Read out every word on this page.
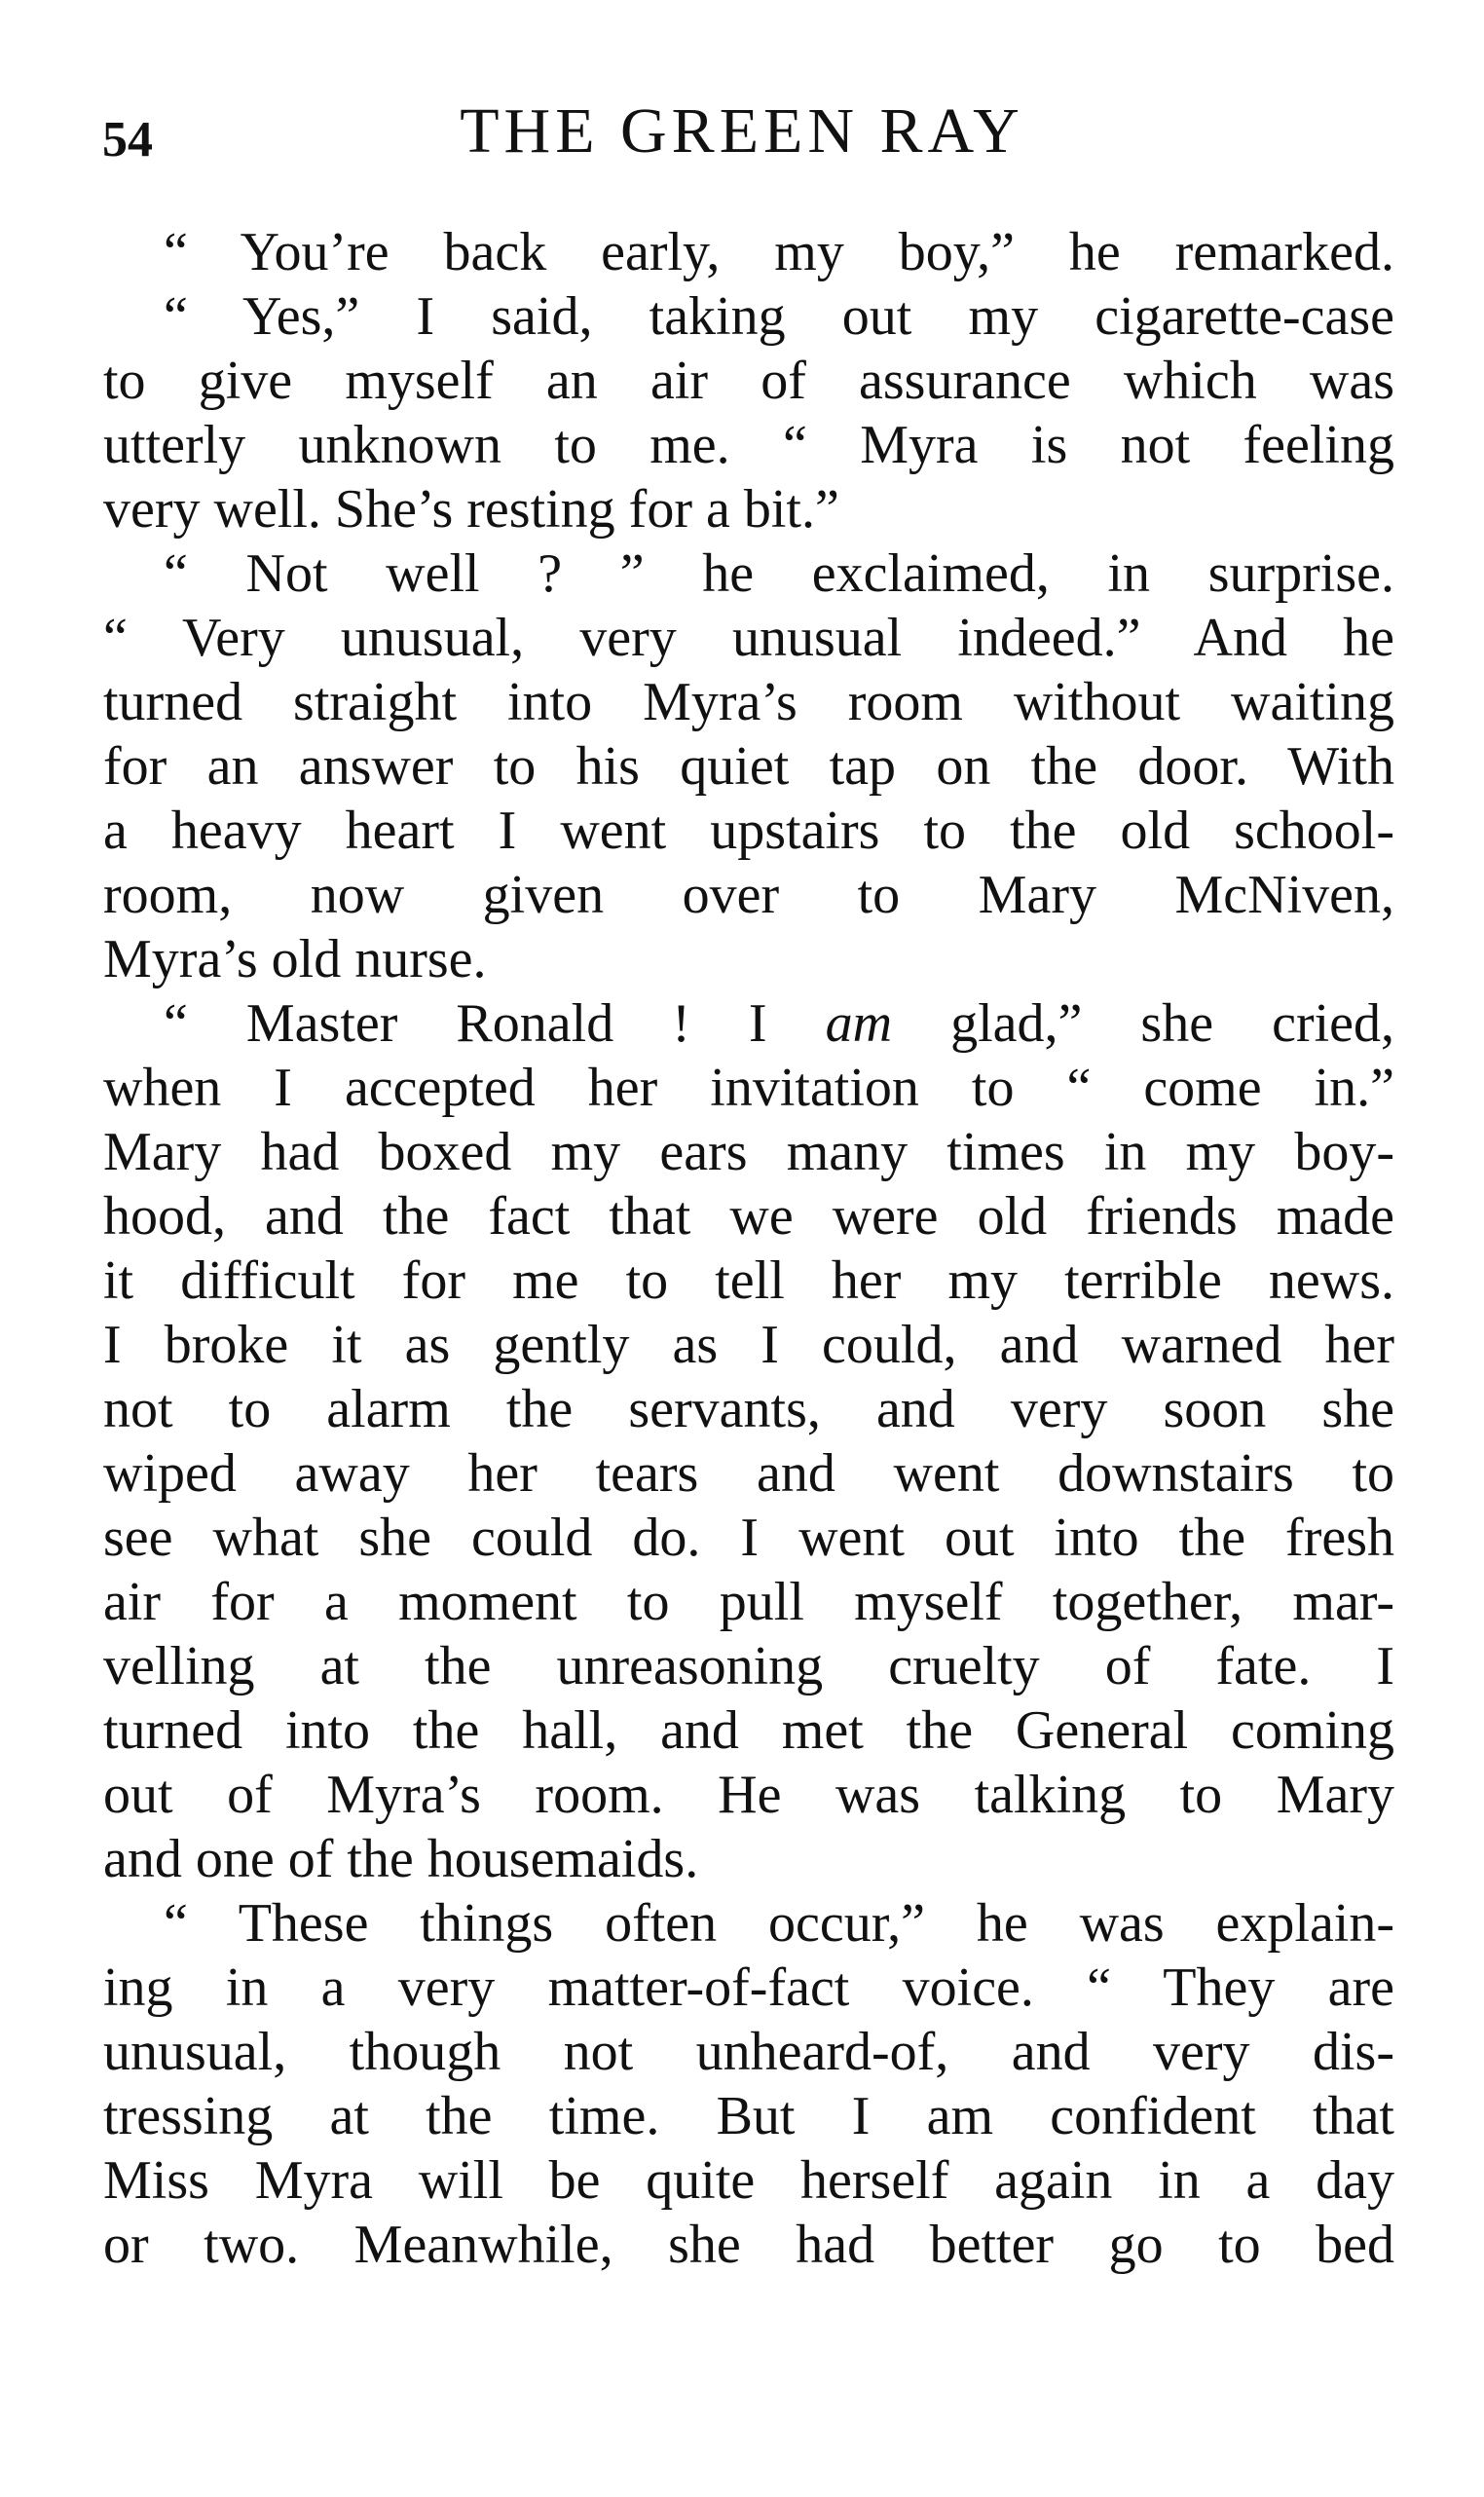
54	THE GREEN RAY
“ You’re back early, my boy,” he remarked.
“ Yes,” I said, taking out my cigarette-case
to give myself an air of assurance which was
utterly unknown to me. “ Myra is not feeling
very well. She’s resting for a bit.”
“ Not well ? ” he exclaimed, in surprise.
“ Very unusual, very unusual indeed.” And he
turned straight into Myra’s room without waiting
for an answer to his quiet tap on the door. With
a heavy heart I went upstairs to the old school-
room, now given over to Mary McNiven,
Myra’s old nurse.
“ Master Ronald ! I am glad,” she cried,
when I accepted her invitation to “ come in.”
Mary had boxed my ears many times in my boy-
hood, and the fact that we were old friends made
it difficult for me to tell her my terrible news.
I broke it as gently as I could, and warned her
not to alarm the servants, and very soon she
wiped away her tears and went downstairs to
see what she could do. I went out into the fresh
air for a moment to pull myself together, mar-
velling at the unreasoning cruelty of fate. I
turned into the hall, and met the General coming
out of Myra’s room. He was talking to Mary
and one of the housemaids.
“ These things often occur,” he was explain-
ing in a very matter-of-fact voice. “ They are
unusual, though not unheard-of, and very dis-
tressing at the time. But I am confident that
Miss Myra will be quite herself again in a day
or two. Meanwhile, she had better go to bed
